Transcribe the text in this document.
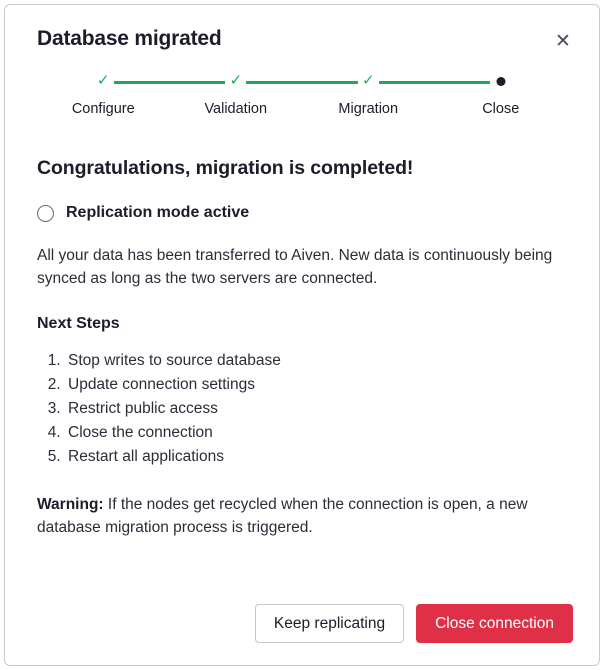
Database migrated	✕
✓
Configure
✓
Validation
✓
Migration	Close
Congratulations, migration is completed!
Replication mode active
All your data has been transferred to Aiven. New data is continuously being synced as long as the two servers are connected.
Next Steps
1. Stop writes to source database
2. Update connection settings
3. Restrict public access
4. Close the connection
5. Restart all applications
Warning: If the nodes get recycled when the connection is open, a new database migration process is triggered.
Keep replicating	Close connection
